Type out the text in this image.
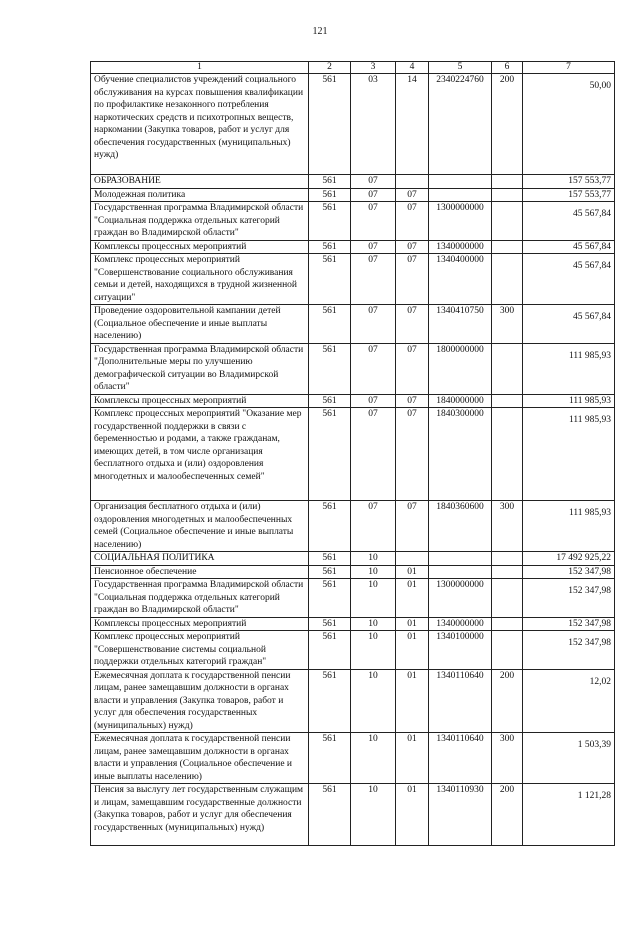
121
1	2	3	4	5	6	7
Обучение специалистов учреждений социального обслуживания на курсах повышения квалификации по профилактике незаконного потребления наркотических средств и психотропных веществ, наркомании (Закупка товаров, работ и услуг для обеспечения государственных (муниципальных) нужд)	561	03	14	2340224760	200	50,00
ОБРАЗОВАНИЕ	561	07				157 553,77
Молодежная политика	561	07	07			157 553,77
Государственная программа Владимирской области "Социальная поддержка отдельных категорий граждан во Владимирской области"	561	07	07	1300000000		45 567,84
Комплексы процессных мероприятий	561	07	07	1340000000		45 567,84
Комплекс процессных мероприятий "Совершенствование социального обслуживания семьи и детей, находящихся в трудной жизненной ситуации"	561	07	07	1340400000		45 567,84
Проведение оздоровительной кампании детей (Социальное обеспечение и иные выплаты населению)	561	07	07	1340410750	300	45 567,84
Государственная программа Владимирской области "Дополнительные меры по улучшению демографической ситуации во Владимирской области"	561	07	07	1800000000		111 985,93
Комплексы процессных мероприятий	561	07	07	1840000000		111 985,93
Комплекс процессных мероприятий "Оказание мер государственной поддержки в связи с беременностью и родами, а также гражданам, имеющих детей, в том числе организация бесплатного отдыха и (или) оздоровления многодетных и малообеспеченных семей"	561	07	07	1840300000		111 985,93
Организация бесплатного отдыха и (или) оздоровления многодетных и малообеспеченных семей (Социальное обеспечение и иные выплаты населению)	561	07	07	1840360600	300	111 985,93
СОЦИАЛЬНАЯ ПОЛИТИКА	561	10				17 492 925,22
Пенсионное обеспечение	561	10	01			152 347,98
Государственная программа Владимирской области "Социальная поддержка отдельных категорий граждан во Владимирской области"	561	10	01	1300000000		152 347,98
Комплексы процессных мероприятий	561	10	01	1340000000		152 347,98
Комплекс процессных мероприятий "Совершенствование системы социальной поддержки отдельных категорий граждан"	561	10	01	1340100000		152 347,98
Ежемесячная доплата к государственной пенсии лицам, ранее замещавшим должности в органах власти и управления (Закупка товаров, работ и услуг для обеспечения государственных (муниципальных) нужд)	561	10	01	1340110640	200	12,02
Ежемесячная доплата к государственной пенсии лицам, ранее замещавшим должности в органах власти и управления (Социальное обеспечение и иные выплаты населению)	561	10	01	1340110640	300	1 503,39
Пенсия за выслугу лет государственным служащим и лицам, замещавшим государственные должности (Закупка товаров, работ и услуг для обеспечения государственных (муниципальных) нужд)	561	10	01	1340110930	200	1 121,28
